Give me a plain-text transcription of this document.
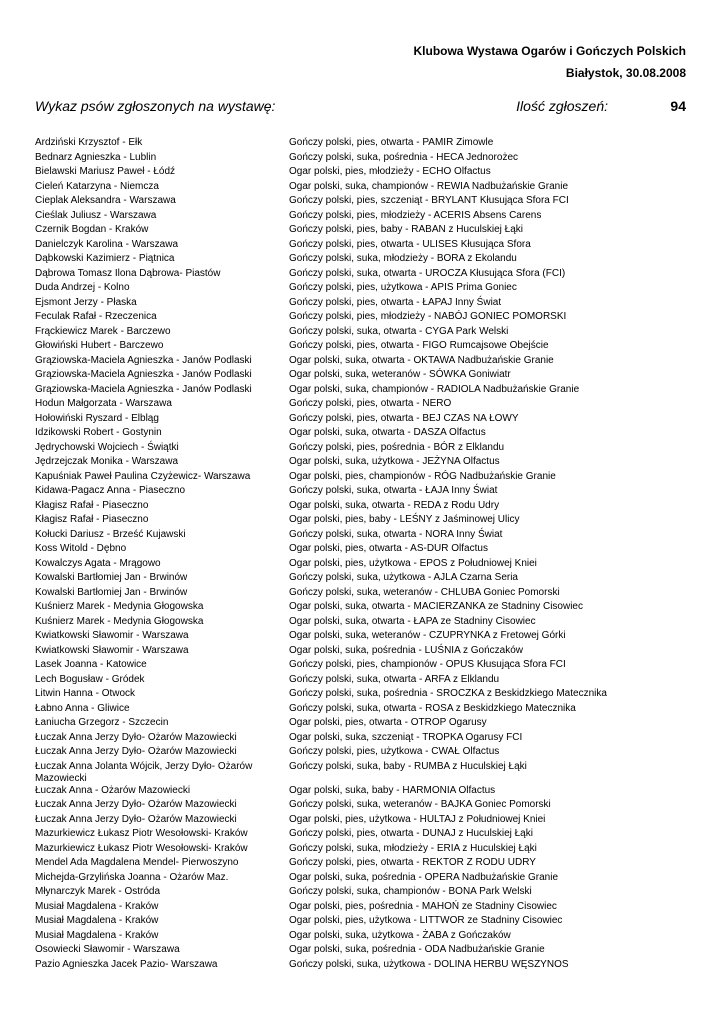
Klubowa Wystawa Ogarów i Gończych Polskich
Białystok, 30.08.2008
Wykaz psów zgłoszonych na wystawę:	Ilość zgłoszeń:	94
Ardziński Krzysztof - Ełk	Gończy polski, pies, otwarta - PAMIR Zimowle
Bednarz Agnieszka - Lublin	Gończy polski, suka, pośrednia - HECA Jednorożec
Bielawski Mariusz Paweł - Łódź	Ogar polski, pies, młodzieży - ECHO Olfactus
Cieleń Katarzyna - Niemcza	Ogar polski, suka, championów - REWIA Nadbużańskie Granie
Cieplak Aleksandra - Warszawa	Gończy polski, pies, szczeniąt - BRYLANT Kłusująca Sfora FCI
Cieślak Juliusz - Warszawa	Gończy polski, pies, młodzieży - ACERIS Absens Carens
Czernik Bogdan - Kraków	Gończy polski, pies, baby - RABAN z Huculskiej Łąki
Danielczyk Karolina - Warszawa	Gończy polski, pies, otwarta - ULISES Kłusująca Sfora
Dąbkowski Kazimierz - Piątnica	Gończy polski, suka, młodzieży - BORA z Ekolandu
Dąbrowa Tomasz Ilona Dąbrowa- Piastów	Gończy polski, suka, otwarta - UROCZA Kłusująca Sfora (FCI)
Duda Andrzej - Kolno	Gończy polski, pies, użytkowa - APIS Prima Goniec
Ejsmont Jerzy - Płaska	Gończy polski, pies, otwarta - ŁAPAJ Inny Świat
Feculak Rafał - Rzeczenica	Gończy polski, pies, młodzieży - NABÓJ GONIEC POMORSKI
Frąckiewicz Marek - Barczewo	Gończy polski, suka, otwarta - CYGA Park Welski
Głowiński Hubert - Barczewo	Gończy polski, pies, otwarta - FIGO Rumcajsowe Obejście
Grąziowska-Maciela Agnieszka - Janów Podlaski	Ogar polski, suka, otwarta - OKTAWA Nadbużańskie Granie
Grąziowska-Maciela Agnieszka - Janów Podlaski	Ogar polski, suka, weteranów - SÓWKA Goniwiatr
Grąziowska-Maciela Agnieszka - Janów Podlaski	Ogar polski, suka, championów - RADIOLA Nadbużańskie Granie
Hodun Małgorzata - Warszawa	Gończy polski, pies, otwarta - NERO
Hołowiński Ryszard - Elbląg	Gończy polski, pies, otwarta - BEJ CZAS NA ŁOWY
Idzikowski Robert - Gostynin	Ogar polski, suka, otwarta - DASZA Olfactus
Jędrychowski Wojciech - Świątki	Gończy polski, pies, pośrednia - BÓR z Elklandu
Jędrzejczak Monika - Warszawa	Ogar polski, suka, użytkowa - JEŻYNA Olfactus
Kapuśniak Paweł Paulina Czyżewicz- Warszawa	Ogar polski, pies, championów - RÓG Nadbużańskie Granie
Kidawa-Pagacz Anna - Piaseczno	Gończy polski, suka, otwarta - ŁAJA Inny Świat
Kłagisz Rafał - Piaseczno	Ogar polski, suka, otwarta - REDA z Rodu Udry
Kłagisz Rafał - Piaseczno	Ogar polski, pies, baby - LEŚNY z Jaśminowej Ulicy
Kołucki Dariusz - Brześć Kujawski	Gończy polski, suka, otwarta - NORA Inny Świat
Koss Witold - Dębno	Ogar polski, pies, otwarta - AS-DUR Olfactus
Kowalczys Agata - Mrągowo	Ogar polski, pies, użytkowa - EPOS z Południowej Kniei
Kowalski Bartłomiej Jan - Brwinów	Gończy polski, suka, użytkowa - AJLA Czarna Seria
Kowalski Bartłomiej Jan - Brwinów	Gończy polski, suka, weteranów - CHLUBA Goniec Pomorski
Kuśnierz Marek - Medynia Głogowska	Ogar polski, suka, otwarta - MACIERZANKA ze Stadniny Cisowiec
Kuśnierz Marek - Medynia Głogowska	Ogar polski, suka, otwarta - ŁAPA ze Stadniny Cisowiec
Kwiatkowski Sławomir - Warszawa	Ogar polski, suka, weteranów - CZUPRYNKA z Fretowej Górki
Kwiatkowski Sławomir - Warszawa	Ogar polski, suka, pośrednia - LUŚNIA z Gończaków
Lasek Joanna - Katowice	Gończy polski, pies, championów - OPUS Kłusująca Sfora FCI
Lech Bogusław - Gródek	Gończy polski, suka, otwarta - ARFA z Elklandu
Litwin Hanna - Otwock	Gończy polski, suka, pośrednia - SROCZKA z Beskidzkiego Matecznika
Łabno Anna - Gliwice	Gończy polski, suka, otwarta - ROSA z Beskidzkiego Matecznika
Łaniucha Grzegorz - Szczecin	Ogar polski, pies, otwarta - OTROP Ogarusy
Łuczak Anna Jerzy Dyło- Ożarów Mazowiecki	Ogar polski, suka, szczeniąt - TROPKA Ogarusy FCI
Łuczak Anna Jerzy Dyło- Ożarów Mazowiecki	Gończy polski, pies, użytkowa - CWAŁ Olfactus
Łuczak Anna Jolanta Wójcik, Jerzy Dyło- Ożarów Mazowiecki
Gończy polski, suka, baby - RUMBA z Huculskiej Łąki
Łuczak Anna - Ożarów Mazowiecki	Ogar polski, suka, baby - HARMONIA Olfactus
Łuczak Anna Jerzy Dyło- Ożarów Mazowiecki	Gończy polski, suka, weteranów - BAJKA Goniec Pomorski
Łuczak Anna Jerzy Dyło- Ożarów Mazowiecki	Ogar polski, pies, użytkowa - HULTAJ z Południowej Kniei
Mazurkiewicz Łukasz Piotr Wesołowski- Kraków	Gończy polski, pies, otwarta - DUNAJ z Huculskiej Łąki
Mazurkiewicz Łukasz Piotr Wesołowski- Kraków	Gończy polski, suka, młodzieży - ERIA z Huculskiej Łąki
Mendel Ada Magdalena Mendel- Pierwoszyno	Gończy polski, pies, otwarta - REKTOR Z RODU UDRY
Michejda-Grzylińska Joanna - Ożarów Maz.	Ogar polski, suka, pośrednia - OPERA Nadbużańskie Granie
Młynarczyk Marek - Ostróda	Gończy polski, suka, championów - BONA Park Welski
Musiał Magdalena - Kraków	Ogar polski, pies, pośrednia - MAHOŃ ze Stadniny Cisowiec
Musiał Magdalena - Kraków	Ogar polski, pies, użytkowa - LITTWOR ze Stadniny Cisowiec
Musiał Magdalena - Kraków	Ogar polski, suka, użytkowa - ŻABA z Gończaków
Osowiecki Sławomir - Warszawa	Ogar polski, suka, pośrednia - ODA Nadbużańskie Granie
Pazio Agnieszka Jacek Pazio- Warszawa	Gończy polski, suka, użytkowa - DOLINA HERBU WĘSZYNOS
